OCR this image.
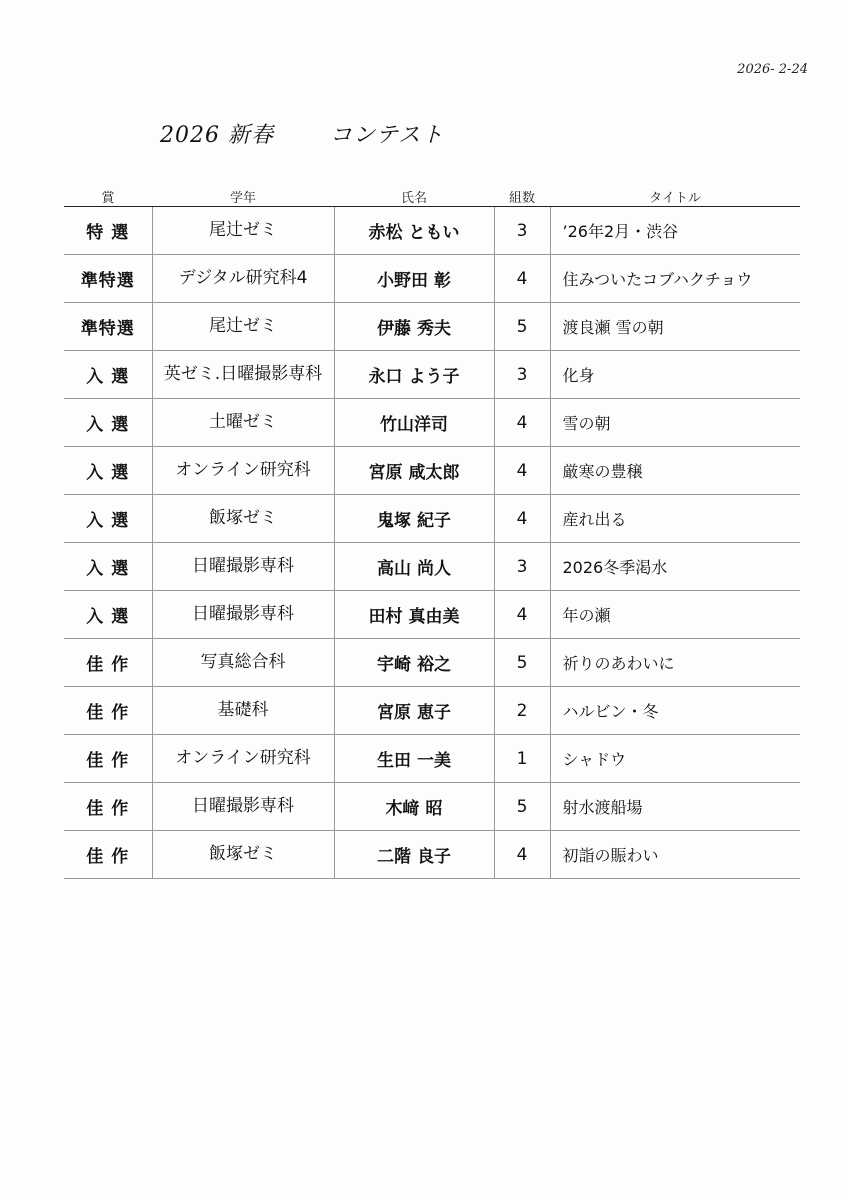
2026- 2-24
2026 新春	コンテスト
賞	学年	氏名	組数	タイトル
特 選	尾辻ゼミ	赤松 ともい	3	’26年2月・渋谷
準特選	デジタル研究科4	小野田 彰	4	住みついたコブハクチョウ
準特選	尾辻ゼミ	伊藤 秀夫	5	渡良瀬 雪の朝
入 選	英ゼミ.日曜撮影専科	永口 よう子	3	化身
入 選	土曜ゼミ	竹山洋司	4	雪の朝
入 選	オンライン研究科	宮原 咸太郎	4	厳寒の豊穣
入 選	飯塚ゼミ	鬼塚 紀子	4	産れ出る
入 選	日曜撮影専科	高山 尚人	3	2026冬季渇水
入 選	日曜撮影専科	田村 真由美	4	年の瀬
佳 作	写真総合科	宇崎 裕之	5	祈りのあわいに
佳 作	基礎科	宮原 恵子	2	ハルビン・冬
佳 作	オンライン研究科	生田 一美	1	シャドウ
佳 作	日曜撮影専科	木﨑 昭	5	射水渡船場
佳 作	飯塚ゼミ	二階 良子	4	初詣の賑わい
